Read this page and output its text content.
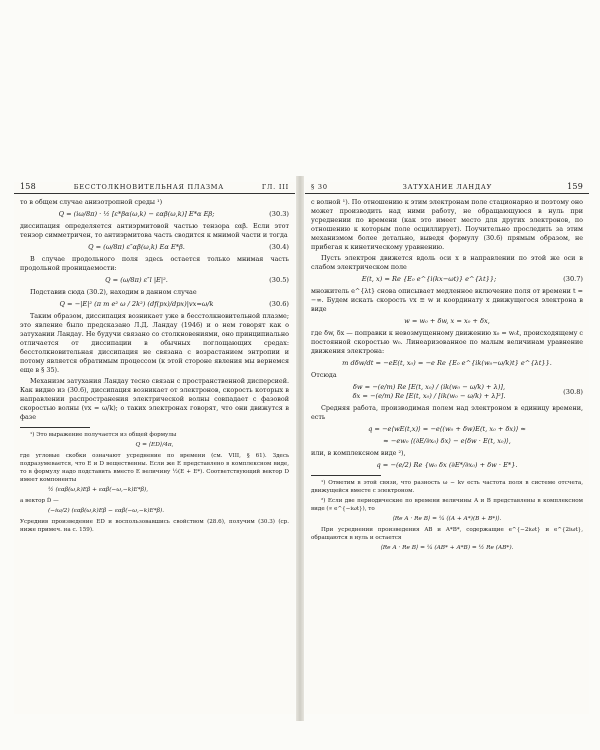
158	БЕССТОЛКНОВИТЕЛЬНАЯ ПЛАЗМА	ГЛ. III

то в общем случае анизотропной среды ¹)

Q = (iω/8π) · ½ [ε*βα(ω,k) − εαβ(ω,k)] E*α Eβ;	(30.3)

диссипация определяется антиэрмитовой частью тензора εαβ. Если этот тензор симметричен, то антиэрмитова часть сводится к мнимой части и тогда

Q = (ω/8π) ε″αβ(ω,k) Eα E*β.	(30.4)

В случае продольного поля здесь остается только мнимая часть продольной проницаемости:

Q = (ω/8π) ε″l |E|².	(30.5)

Подставив сюда (30.2), находим в данном случае

Q = −|E|² (π m e² ω / 2k²) (df(px)/dpx)|vx=ω/k	(30.6)

Таким образом, диссипация возникает уже в бесстолкновительной плазме; это явление было предсказано Л.Д. Ландау (1946) и о нем говорят как о затухании Ландау. Не будучи связано со столкновениями, оно принципиально отличается от диссипации в обычных поглощающих средах: бесстолкновительная диссипация не связана с возрастанием энтропии и потому является обратимым процессом (к этой стороне явления мы вернемся еще в § 35).

Механизм затухания Ландау тесно связан с пространственной дисперсией. Как видно из (30.6), диссипация возникает от электронов, скорость которых в направлении распространения электрической волны совпадает с фазовой скоростью волны (vx = ω/k); о таких электронах говорят, что они движутся в фазе

¹) Это выражение получается из общей формулы

Q = ⟨ED⟩/4π,

где угловые скобки означают усреднение по времени (см. VIII, § 61). Здесь подразумевается, что E и D вещественны. Если же E представлено в комплексном виде, то в формулу надо подставить вместо E величину ½(E + E*). Соответствующий вектор D имеет компоненты

½ (εαβ(ω,k)Eβ + εαβ(−ω,−k)E*β),

а вектор Ḋ —

(−iω/2) (εαβ(ω,k)Eβ − εαβ(−ω,−k)E*β).

Усреднив произведение ED и воспользовавшись свойством (28.6), получим (30.3) (ср. ниже примеч. на с. 159).

§ 30	ЗАТУХАНИЕ ЛАНДАУ	159

с волной ¹). По отношению к этим электронам поле стационарно и поэтому оно может производить над ними работу, не обращающуюся в нуль при усреднении по времени (как это имеет место для других электронов, по отношению к которым поле осциллирует). Поучительно проследить за этим механизмом более детально, выведя формулу (30.6) прямым образом, не прибегая к кинетическому уравнению.

Пусть электрон движется вдоль оси x в направлении по этой же оси в слабом электрическом поле

E(t, x) = Re {E₀ e^{i(kx−ωt)} e^{λt}};	(30.7)

множитель e^{λt} снова описывает медленное включение поля от времени t = −∞. Будем искать скорость vx ≡ w и координату x движущегося электрона в виде

w = w₀ + δw, x = x₀ + δx,

где δw, δx — поправки к невозмущенному движению x₀ = w₀t, происходящему с постоянной скоростью w₀. Линеаризованное по малым величинам уравнение движения электрона:

m dδw/dt = −eE(t, x₀) = −e Re {E₀ e^{ik(w₀−ω/k)t} e^{λt}}.

Отсюда

δw = −(e/m) Re [E(t, x₀) / (ik(w₀ − ω/k) + λ)],
δx = −(e/m) Re [E(t, x₀) / [ik(w₀ − ω/k) + λ]²].
(30.8)

Средняя работа, производимая полем над электроном в единицу времени, есть

q = −e⟨wE(t,x)⟩ = −e⟨(w₀ + δw)E(t, x₀ + δx)⟩ ≈
≈ −ew₀ ⟨(∂E/∂x₀) δx⟩ − e⟨δw · E(t, x₀)⟩,

или, в комплексном виде ²),

q = −(e/2) Re {w₀ δx (∂E*/∂x₀) + δw · E*}.

¹) Отметим в этой связи, что разность ω − kv есть частота поля в системе отсчета, движущейся вместе с электроном.

²) Если две периодические по времени величины A и B представлены в комплексном виде (∝ e^{−iωt}), то

⟨Re A · Re B⟩ = ¼ ⟨(A + A*)(B + B*)⟩.

При усреднении произведения AB и A*B*, содержащие e^{−2iωt} и e^{2iωt}, обращаются в нуль и остается

⟨Re A · Re B⟩ = ¼ (AB* + A*B) = ½ Re (AB*).
